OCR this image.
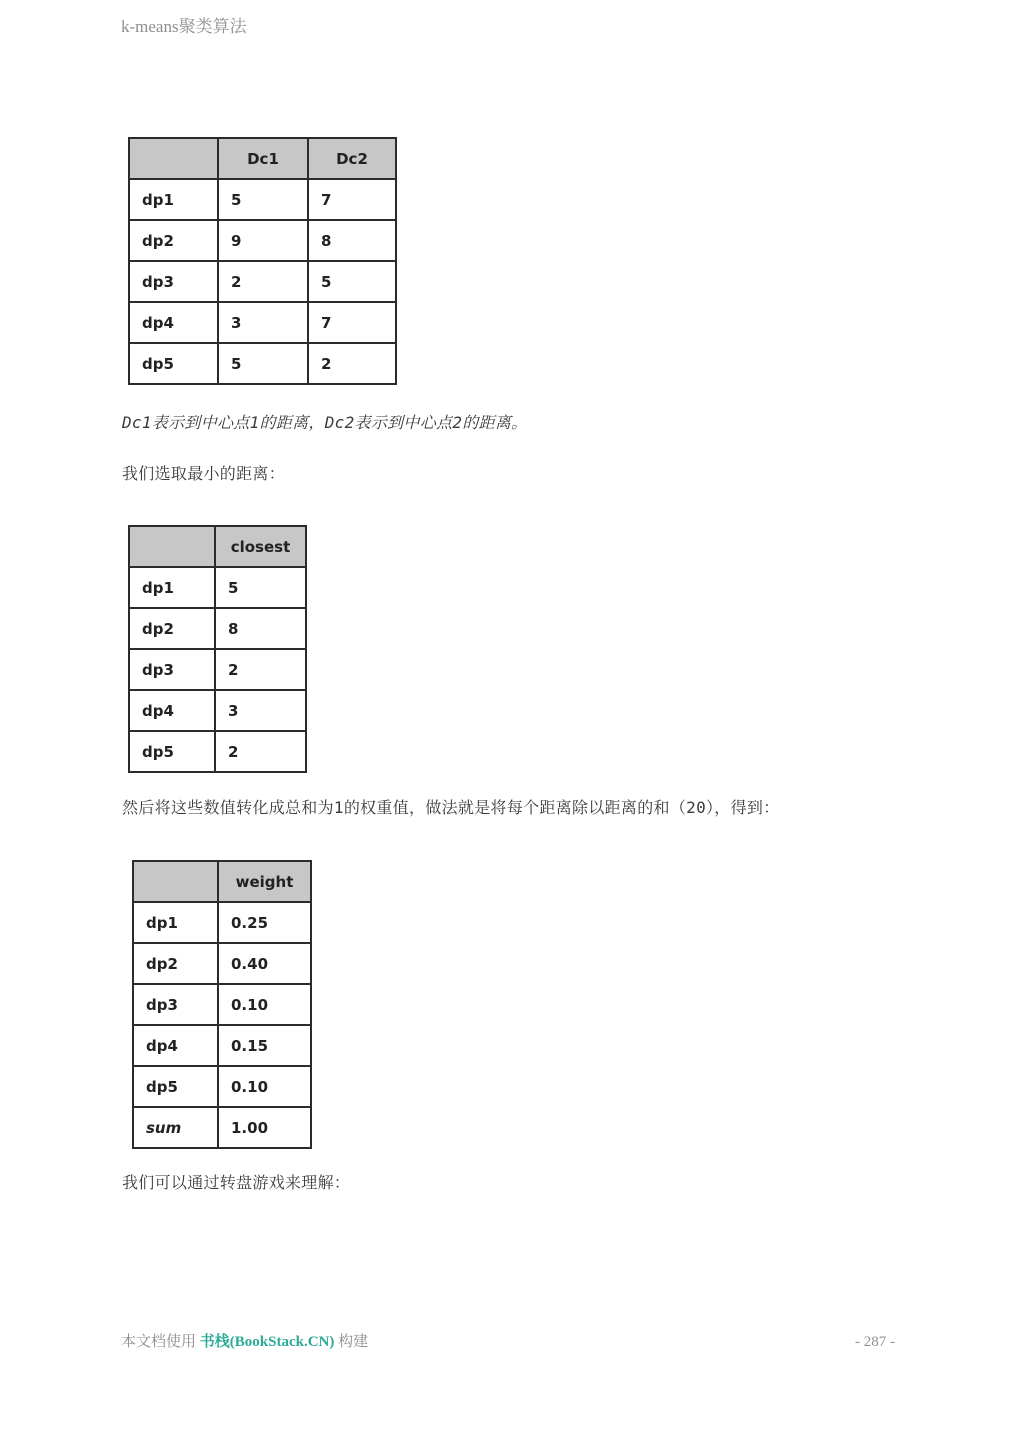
k-means聚类算法
	Dc1	Dc2
dp1	5	7
dp2	9	8
dp3	2	5
dp4	3	7
dp5	5	2
Dc1表示到中心点1的距离，Dc2表示到中心点2的距离。
我们选取最小的距离：
	closest
dp1	5
dp2	8
dp3	2
dp4	3
dp5	2
然后将这些数值转化成总和为1的权重值，做法就是将每个距离除以距离的和（20），得到：
	weight
dp1	0.25
dp2	0.40
dp3	0.10
dp4	0.15
dp5	0.10
sum	1.00
我们可以通过转盘游戏来理解：
本文档使用 书栈(BookStack.CN) 构建	- 287 -
